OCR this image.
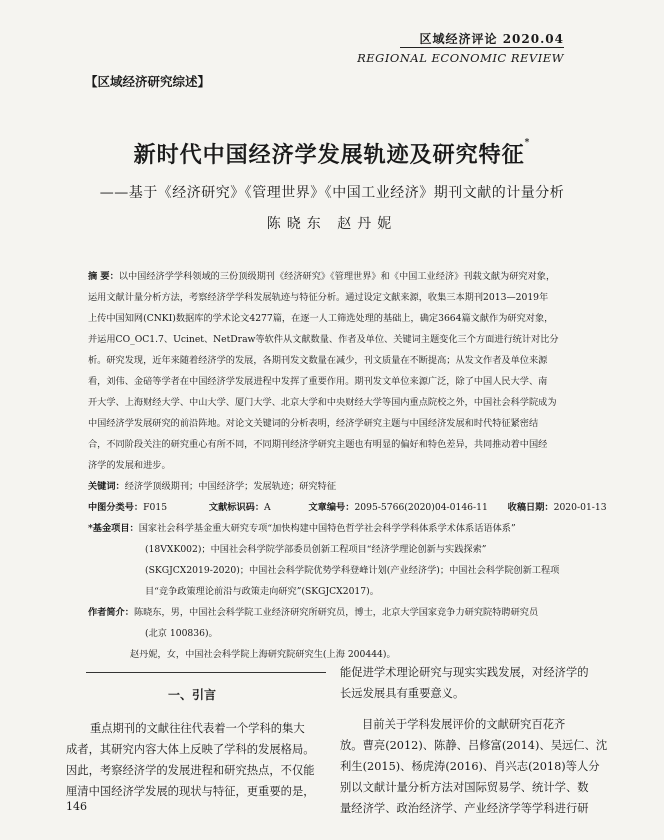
区域经济评论 2020.04
REGIONAL ECONOMIC REVIEW
【区域经济研究综述】
新时代中国经济学发展轨迹及研究特征*
——基于《经济研究》《管理世界》《中国工业经济》期刊文献的计量分析
陈晓东 赵丹妮
摘 要：以中国经济学学科领域的三份顶级期刊《经济研究》《管理世界》和《中国工业经济》刊载文献为研究对象，
运用文献计量分析方法，考察经济学学科发展轨迹与特征分析。通过设定文献来源，收集三本期刊2013—2019年
上传中国知网(CNKI)数据库的学术论文4277篇，在逐一人工筛选处理的基础上，确定3664篇文献作为研究对象，
并运用CO_OC1.7、Ucinet、NetDraw等软件从文献数量、作者及单位、关键词主题变化三个方面进行统计对比分
析。研究发现，近年来随着经济学的发展，各期刊发文数量在减少，刊文质量在不断提高；从发文作者及单位来源
看，刘伟、金碚等学者在中国经济学发展进程中发挥了重要作用。期刊发文单位来源广泛，除了中国人民大学、南
开大学、上海财经大学、中山大学、厦门大学、北京大学和中央财经大学等国内重点院校之外，中国社会科学院成为
中国经济学发展研究的前沿阵地。对论文关键词的分析表明，经济学研究主题与中国经济发展和时代特征紧密结
合，不同阶段关注的研究重心有所不同，不同期刊经济学研究主题也有明显的偏好和特色差异，共同推动着中国经
济学的发展和进步。
关键词：经济学顶级期刊；中国经济学；发展轨迹；研究特征
中图分类号：F015	文献标识码：A	文章编号：2095-5766(2020)04-0146-11 收稿日期：2020-01-13
*基金项目：国家社会科学基金重大研究专项“加快构建中国特色哲学社会科学学科体系学术体系话语体系”
(18VXK002)；中国社会科学院学部委员创新工程项目“经济学理论创新与实践探索”
(SKGJCX2019-2020)；中国社会科学院优势学科登峰计划(产业经济学)；中国社会科学院创新工程项
目“竞争政策理论前沿与政策走向研究”(SKGJCX2017)。
作者简介：陈晓东，男，中国社会科学院工业经济研究所研究员，博士，北京大学国家竞争力研究院特聘研究员
(北京 100836)。
赵丹妮，女，中国社会科学院上海研究院研究生(上海 200444)。
一、引言
重点期刊的文献往往代表着一个学科的集大
成者，其研究内容大体上反映了学科的发展格局。
因此，考察经济学的发展进程和研究热点，不仅能
厘清中国经济学发展的现状与特征，更重要的是，
能促进学术理论研究与现实实践发展，对经济学的
长远发展具有重要意义。
目前关于学科发展评价的文献研究百花齐
放。曹亮(2012)、陈静、吕修富(2014)、吴远仁、沈
利生(2015)、杨虎涛(2016)、肖兴志(2018)等人分
别以文献计量分析方法对国际贸易学、统计学、数
量经济学、政治经济学、产业经济学等学科进行研
146
